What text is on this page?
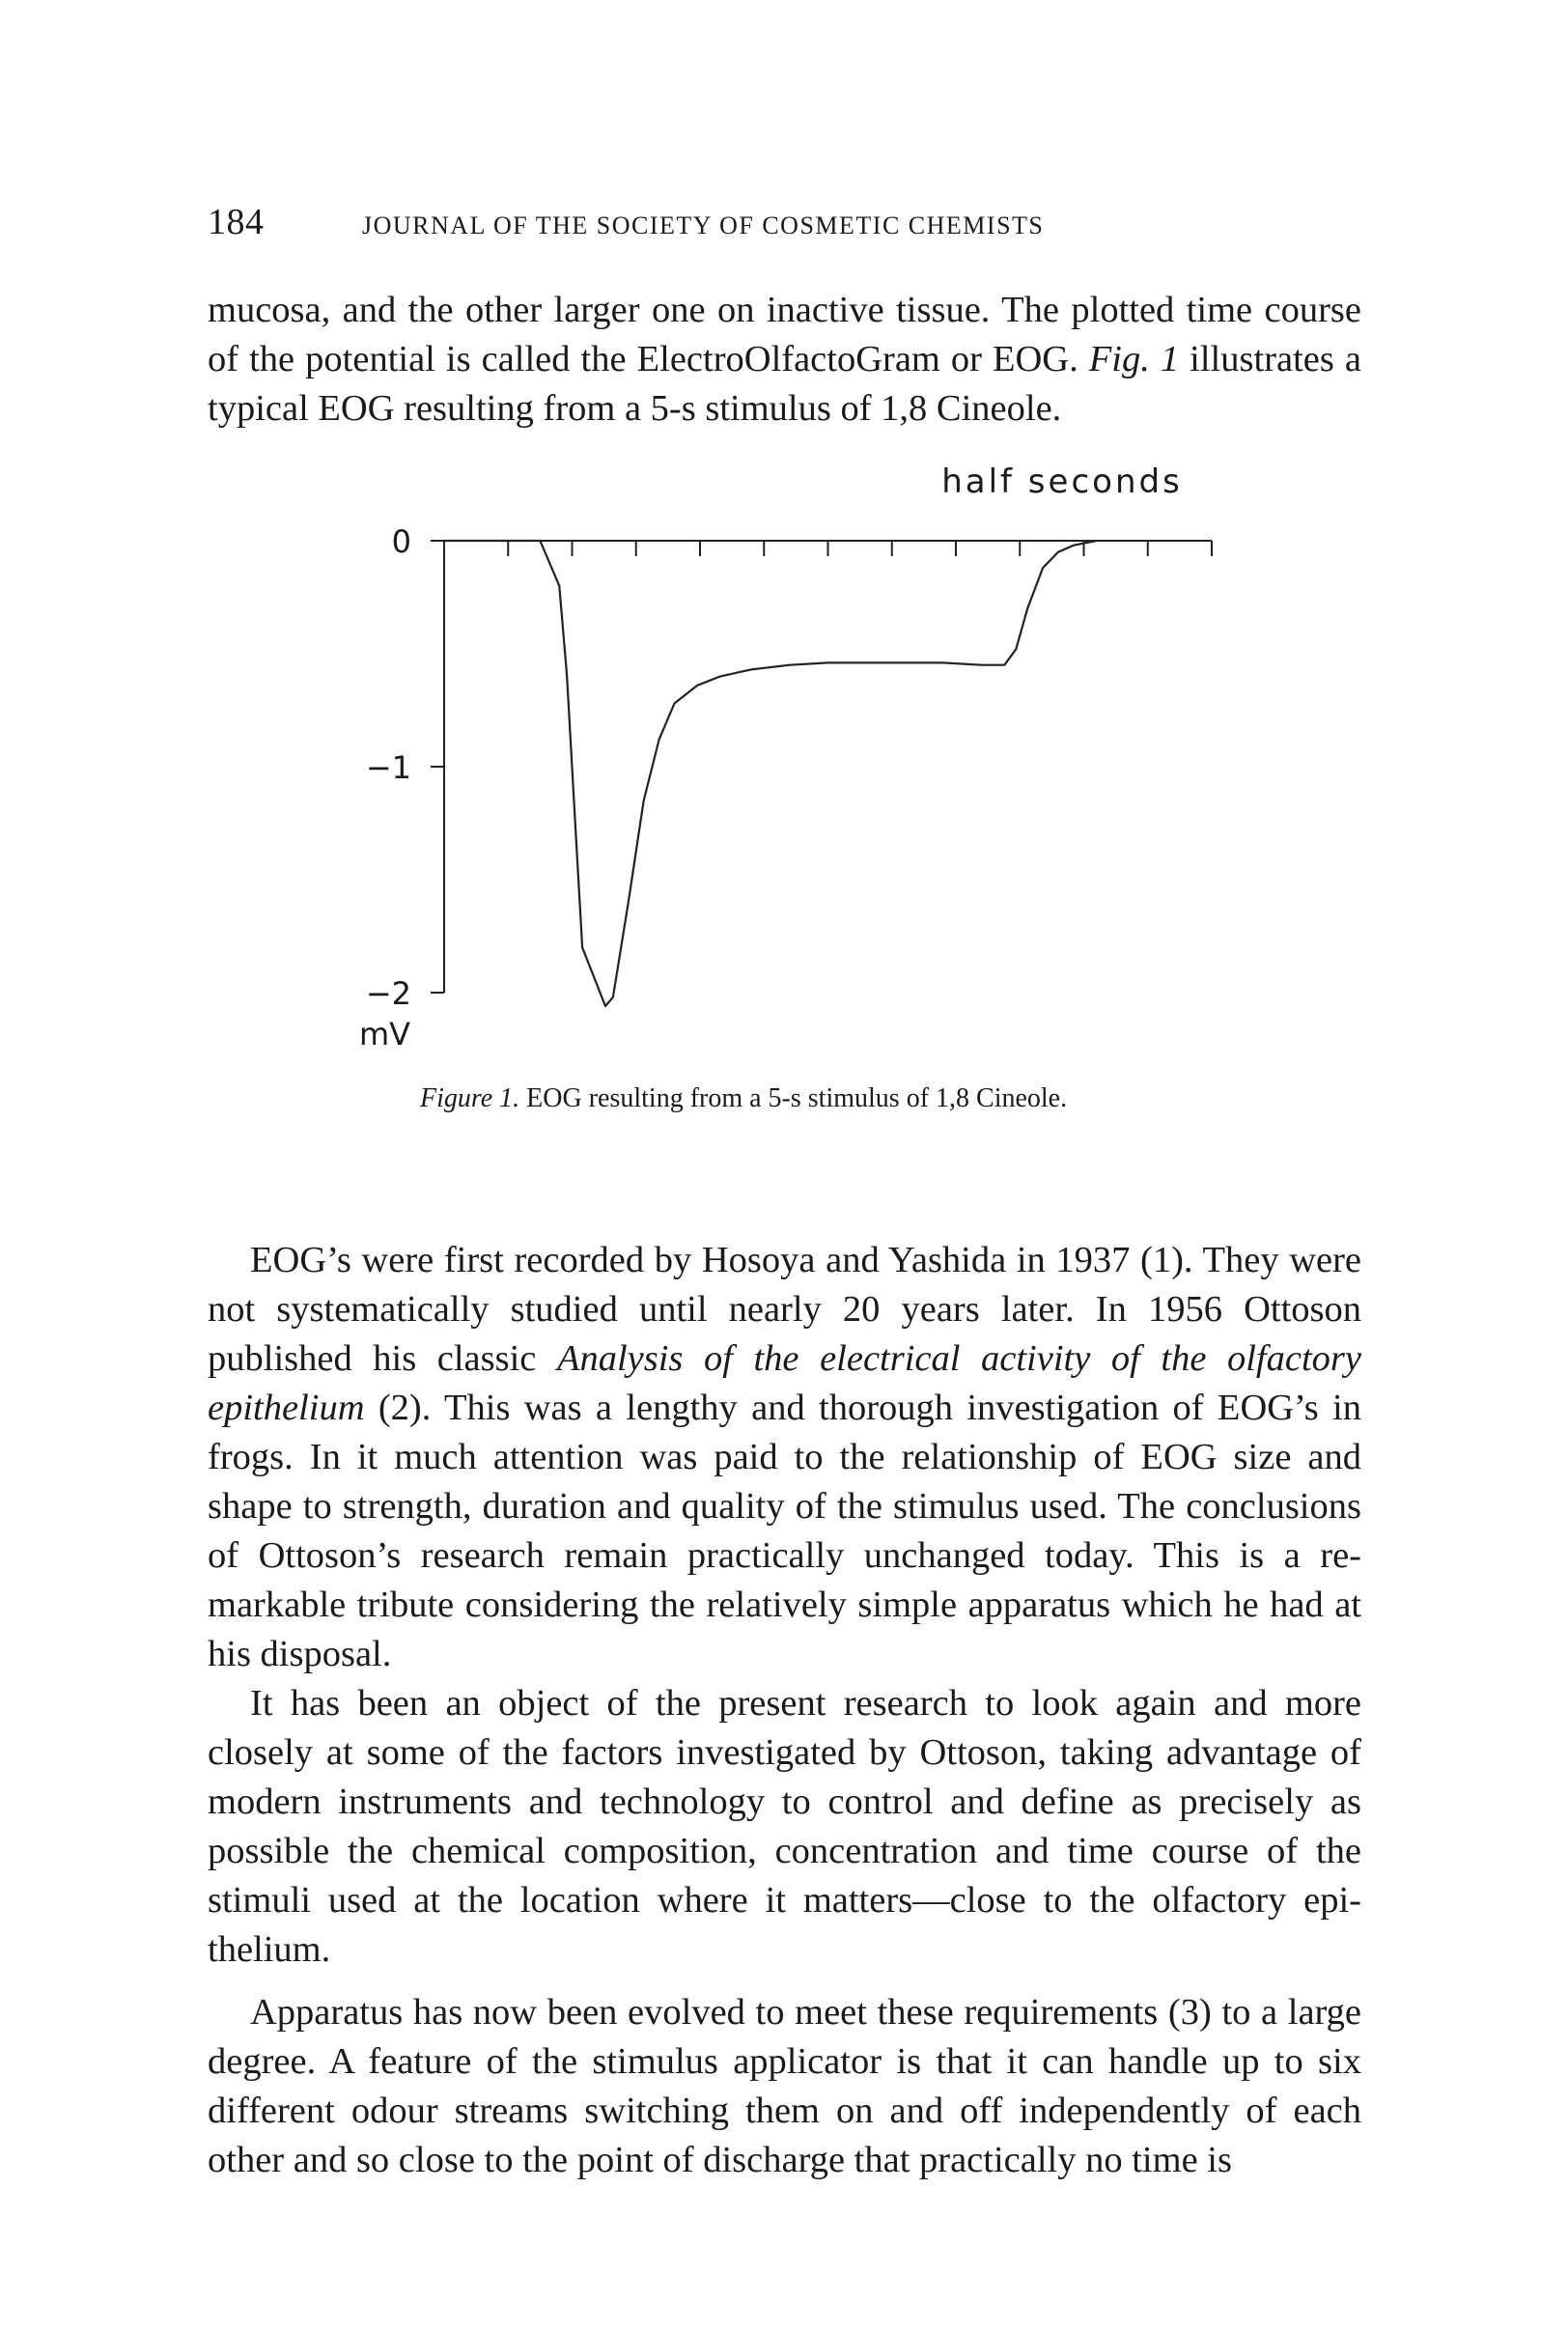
184	JOURNAL OF THE SOCIETY OF COSMETIC CHEMISTS

mucosa, and the other larger one on inactive tissue. The plotted time course of the potential is called the ElectroOlfactoGram or EOG. Fig. 1 illustrates a typical EOG resulting from a 5-s stimulus of 1,8 Cineole.

0
−1
−2
half seconds
mV
Figure 1. EOG resulting from a 5-s stimulus of 1,8 Cineole.

EOG’s were first recorded by Hosoya and Yashida in 1937 (1). They were not systematically studied until nearly 20 years later. In 1956 Ottoson published his classic Analysis of the electrical activity of the olfactory epithelium (2). This was a lengthy and thorough investigation of EOG’s in frogs. In it much attention was paid to the relationship of EOG size and shape to strength, duration and quality of the stimulus used. The conclusions of Ottoson’s research remain practically unchanged today. This is a remarkable tribute considering the relatively simple apparatus which he had at his disposal.

It has been an object of the present research to look again and more closely at some of the factors investigated by Ottoson, taking advantage of modern instruments and technology to control and define as precisely as possible the chemical composition, concentration and time course of the stimuli used at the location where it matters—close to the olfactory epithelium.

Apparatus has now been evolved to meet these requirements (3) to a large degree. A feature of the stimulus applicator is that it can handle up to six different odour streams switching them on and off independently of each other and so close to the point of discharge that practically no time is
